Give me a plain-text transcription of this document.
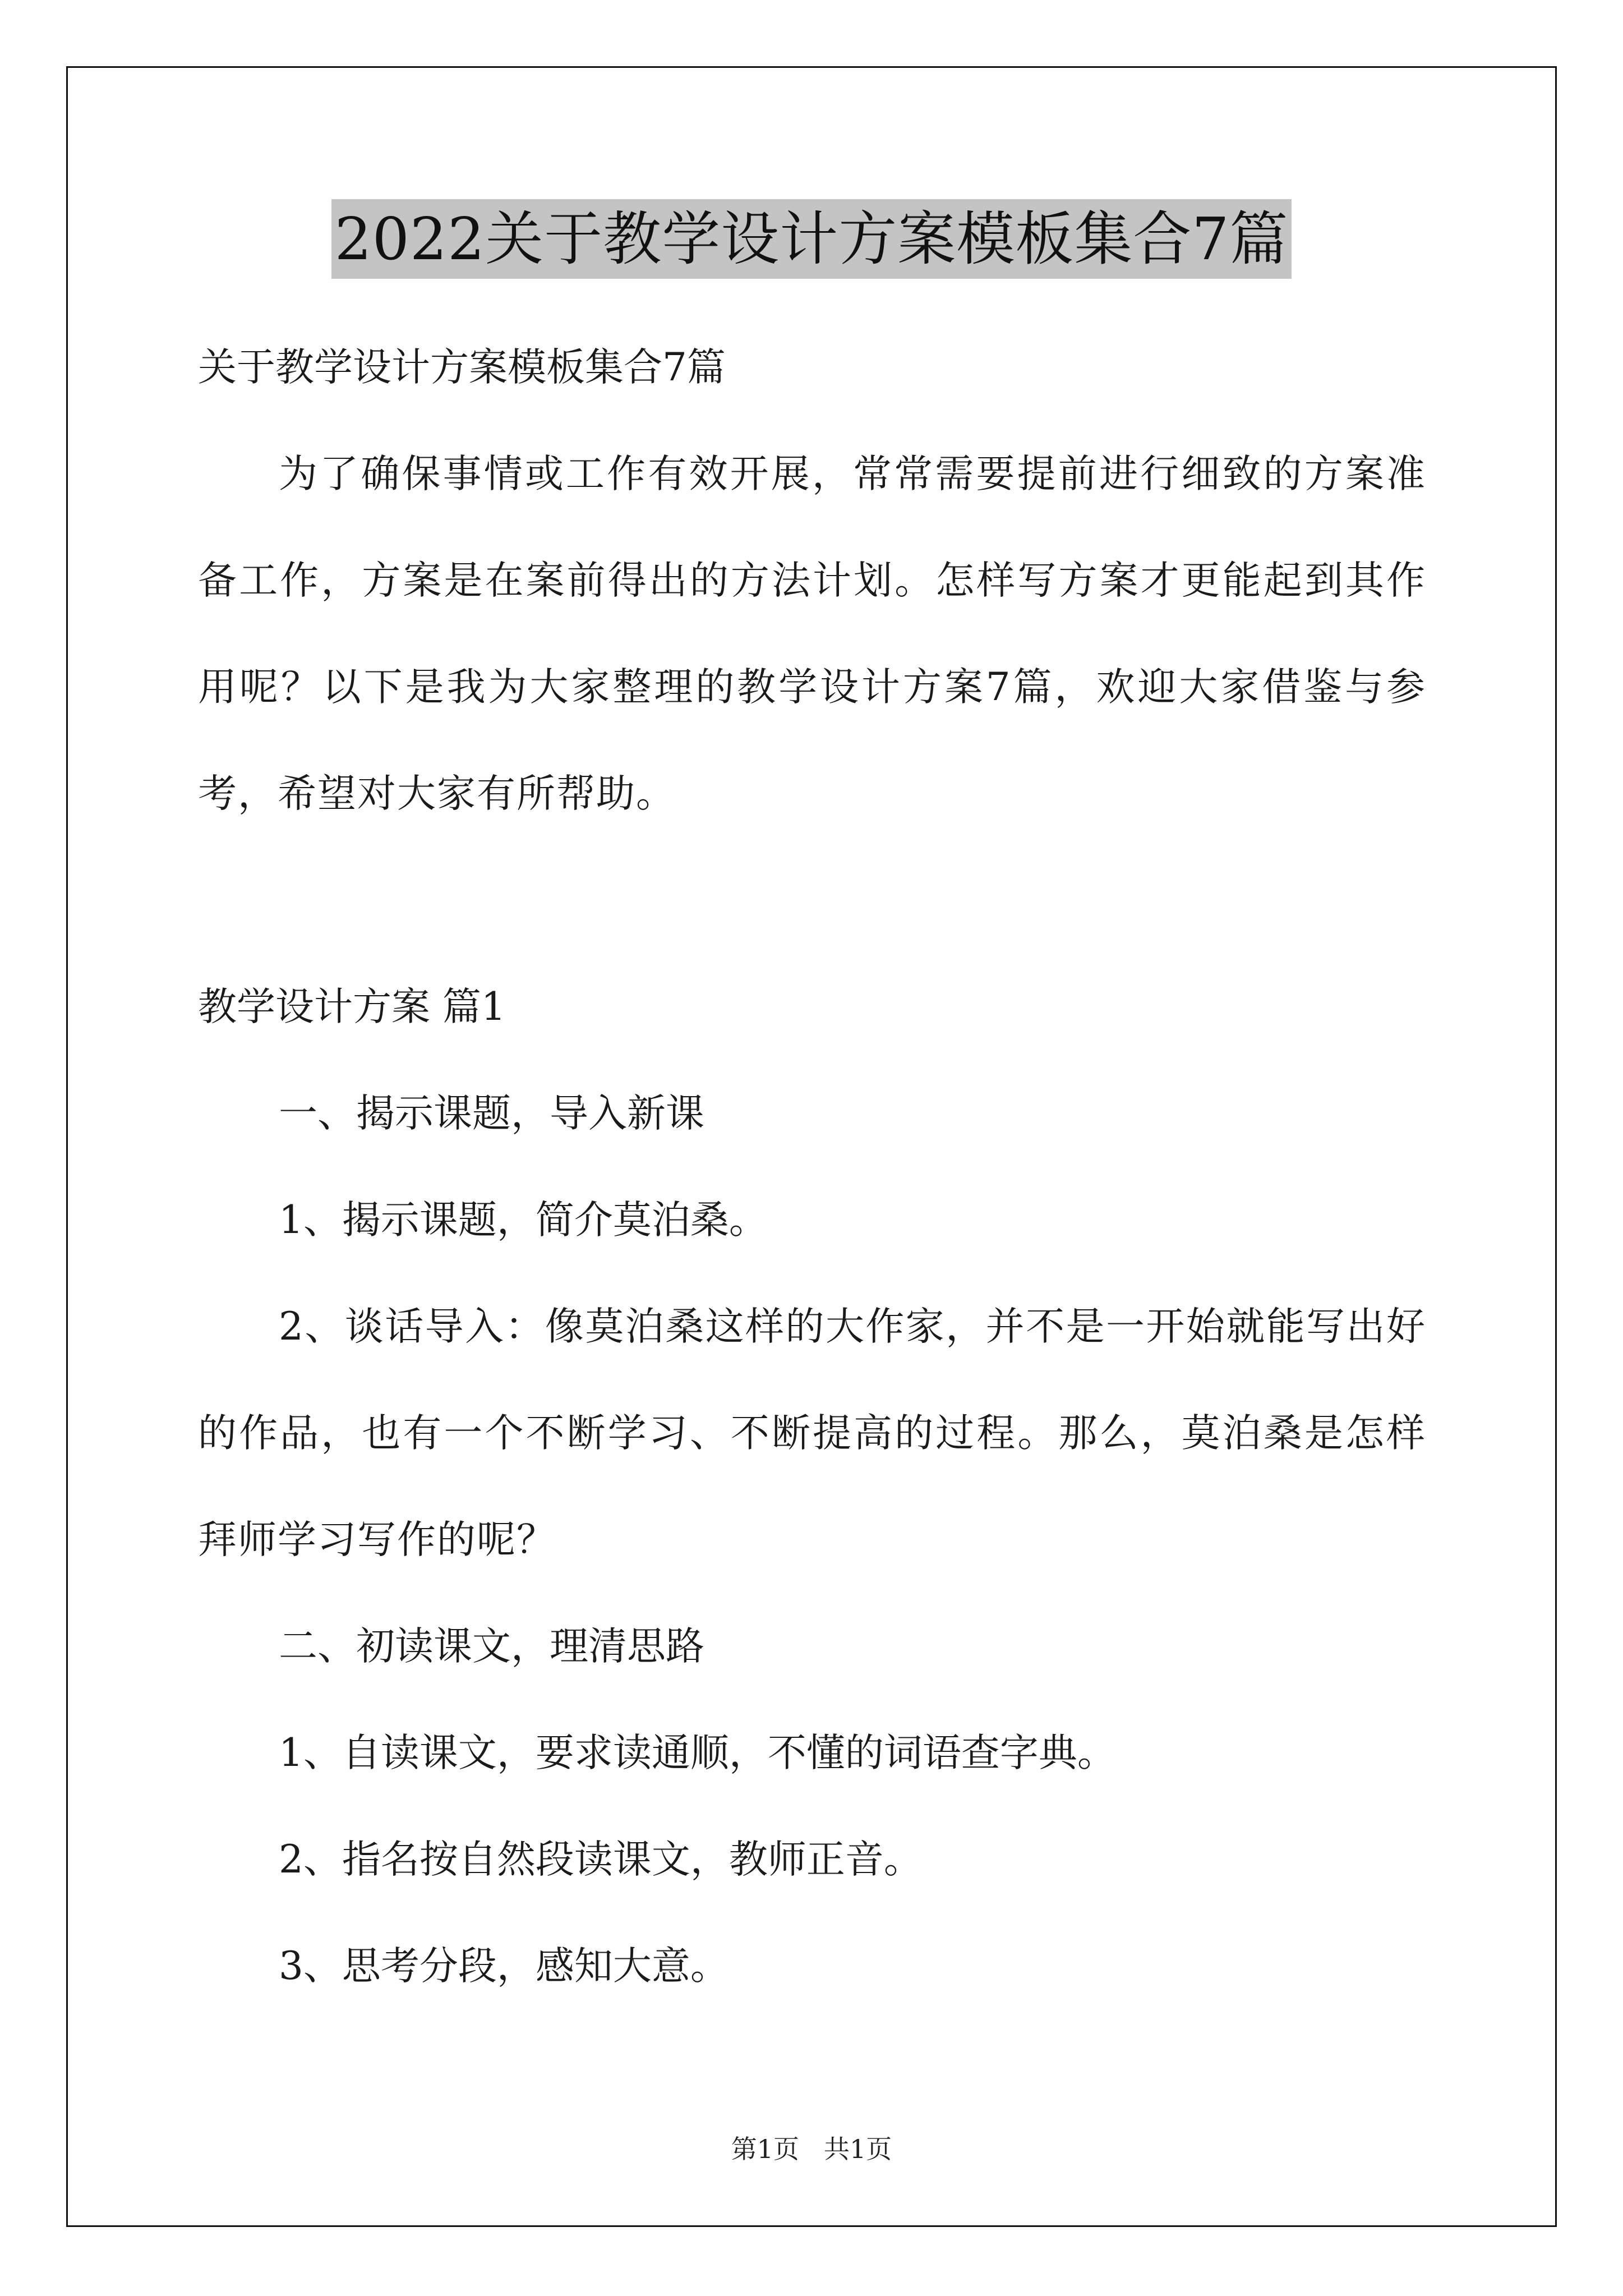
2022关于教学设计方案模板集合7篇

关于教学设计方案模板集合7篇

为了确保事情或工作有效开展，常常需要提前进行细致的方案准备工作，方案是在案前得出的方法计划。怎样写方案才更能起到其作用呢？以下是我为大家整理的教学设计方案7篇，欢迎大家借鉴与参考，希望对大家有所帮助。

教学设计方案 篇1

一、揭示课题，导入新课

1、揭示课题，简介莫泊桑。

2、谈话导入：像莫泊桑这样的大作家，并不是一开始就能写出好的作品，也有一个不断学习、不断提高的过程。那么，莫泊桑是怎样拜师学习写作的呢？

二、初读课文，理清思路

1、自读课文，要求读通顺，不懂的词语查字典。

2、指名按自然段读课文，教师正音。

3、思考分段，感知大意。

第1页 共1页
